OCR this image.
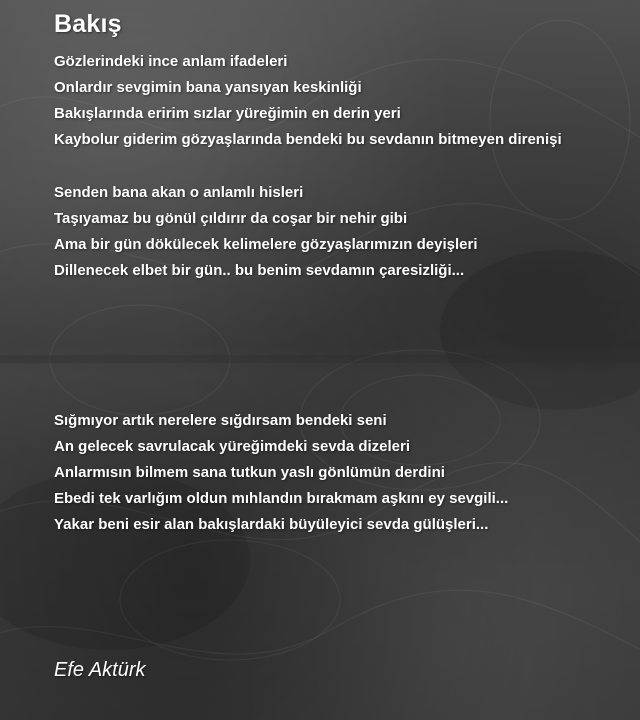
Bakış
Gözlerindeki ince anlam ifadeleri
Onlardır sevgimin bana yansıyan keskinliği
Bakışlarında eririm sızlar yüreğimin en derin yeri
Kaybolur giderim gözyaşlarında bendeki bu sevdanın bitmeyen direnişi
Senden bana akan o anlamlı hisleri
Taşıyamaz bu gönül çıldırır da coşar bir nehir gibi
Ama bir gün dökülecek kelimelere gözyaşlarımızın deyişleri
Dillenecek elbet bir gün.. bu benim sevdamın çaresizliği...
Sığmıyor artık nerelere sığdırsam bendeki seni
An gelecek savrulacak yüreğimdeki sevda dizeleri
Anlarmısın bilmem sana tutkun yaslı gönlümün derdini
Ebedi tek varlığım oldun mıhlandın bırakmam aşkını ey sevgili...
Yakar beni esir alan bakışlardaki büyüleyici sevda gülüşleri...
Efe Aktürk
